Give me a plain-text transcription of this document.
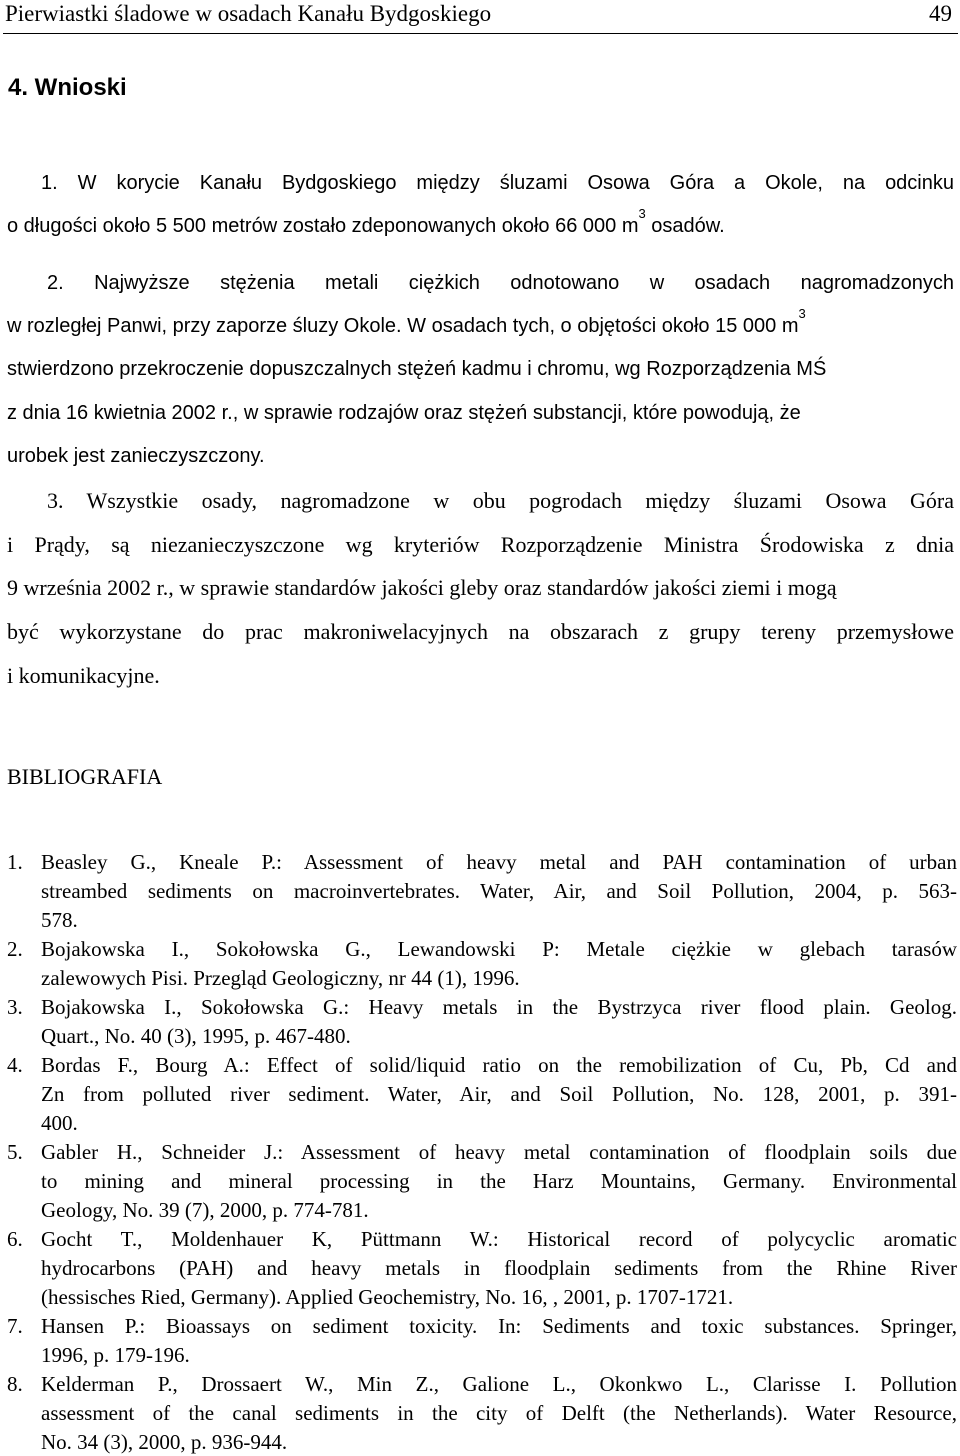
Pierwiastki śladowe w osadach Kanału Bydgoskiego	49
4. Wnioski
1. W korycie Kanału Bydgoskiego między śluzami Osowa Góra a Okole, na odcinku
o długości około 5 500 metrów zostało zdeponowanych około 66 000 $m^3$ osadów.
2. Najwyższe stężenia metali ciężkich odnotowano w osadach nagromadzonych
w rozległej Panwi, przy zaporze śluzy Okole. W osadach tych, o objętości około 15 000 $m^3$
stwierdzono przekroczenie dopuszczalnych stężeń kadmu i chromu, wg Rozporządzenia MŚ
z dnia 16 kwietnia 2002 r., w sprawie rodzajów oraz stężeń substancji, które powodują, że
urobek jest zanieczyszczony.
3. Wszystkie osady, nagromadzone w obu pogrodach między śluzami Osowa Góra
i Prądy, są niezanieczyszczone wg kryteriów Rozporządzenie Ministra Środowiska z dnia
9 września 2002 r., w sprawie standardów jakości gleby oraz standardów jakości ziemi i mogą
być wykorzystane do prac makroniwelacyjnych na obszarach z grupy tereny przemysłowe
i komunikacyjne.
BIBLIOGRAFIA
1. Beasley G., Kneale P.: Assessment of heavy metal and PAH contamination of urban
streambed sediments on macroinvertebrates. Water, Air, and Soil Pollution, 2004, p. 563-
578.
2. Bojakowska I., Sokołowska G., Lewandowski P: Metale ciężkie w glebach tarasów
zalewowych Pisi. Przegląd Geologiczny, nr 44 (1), 1996.
3. Bojakowska I., Sokołowska G.: Heavy metals in the Bystrzyca river flood plain. Geolog.
Quart., No. 40 (3), 1995, p. 467-480.
4. Bordas F., Bourg A.: Effect of solid/liquid ratio on the remobilization of Cu, Pb, Cd and
Zn from polluted river sediment. Water, Air, and Soil Pollution, No. 128, 2001, p. 391-
400.
5. Gabler H., Schneider J.: Assessment of heavy metal contamination of floodplain soils due
to mining and mineral processing in the Harz Mountains, Germany. Environmental
Geology, No. 39 (7), 2000, p. 774-781.
6. Gocht T., Moldenhauer K, Püttmann W.: Historical record of polycyclic aromatic
hydrocarbons (PAH) and heavy metals in floodplain sediments from the Rhine River
(hessisches Ried, Germany). Applied Geochemistry, No. 16, , 2001, p. 1707-1721.
7. Hansen P.: Bioassays on sediment toxicity. In: Sediments and toxic substances. Springer,
1996, p. 179-196.
8. Kelderman P., Drossaert W., Min Z., Galione L., Okonkwo L., Clarisse I. Pollution
assessment of the canal sediments in the city of Delft (the Netherlands). Water Resource,
No. 34 (3), 2000, p. 936-944.
